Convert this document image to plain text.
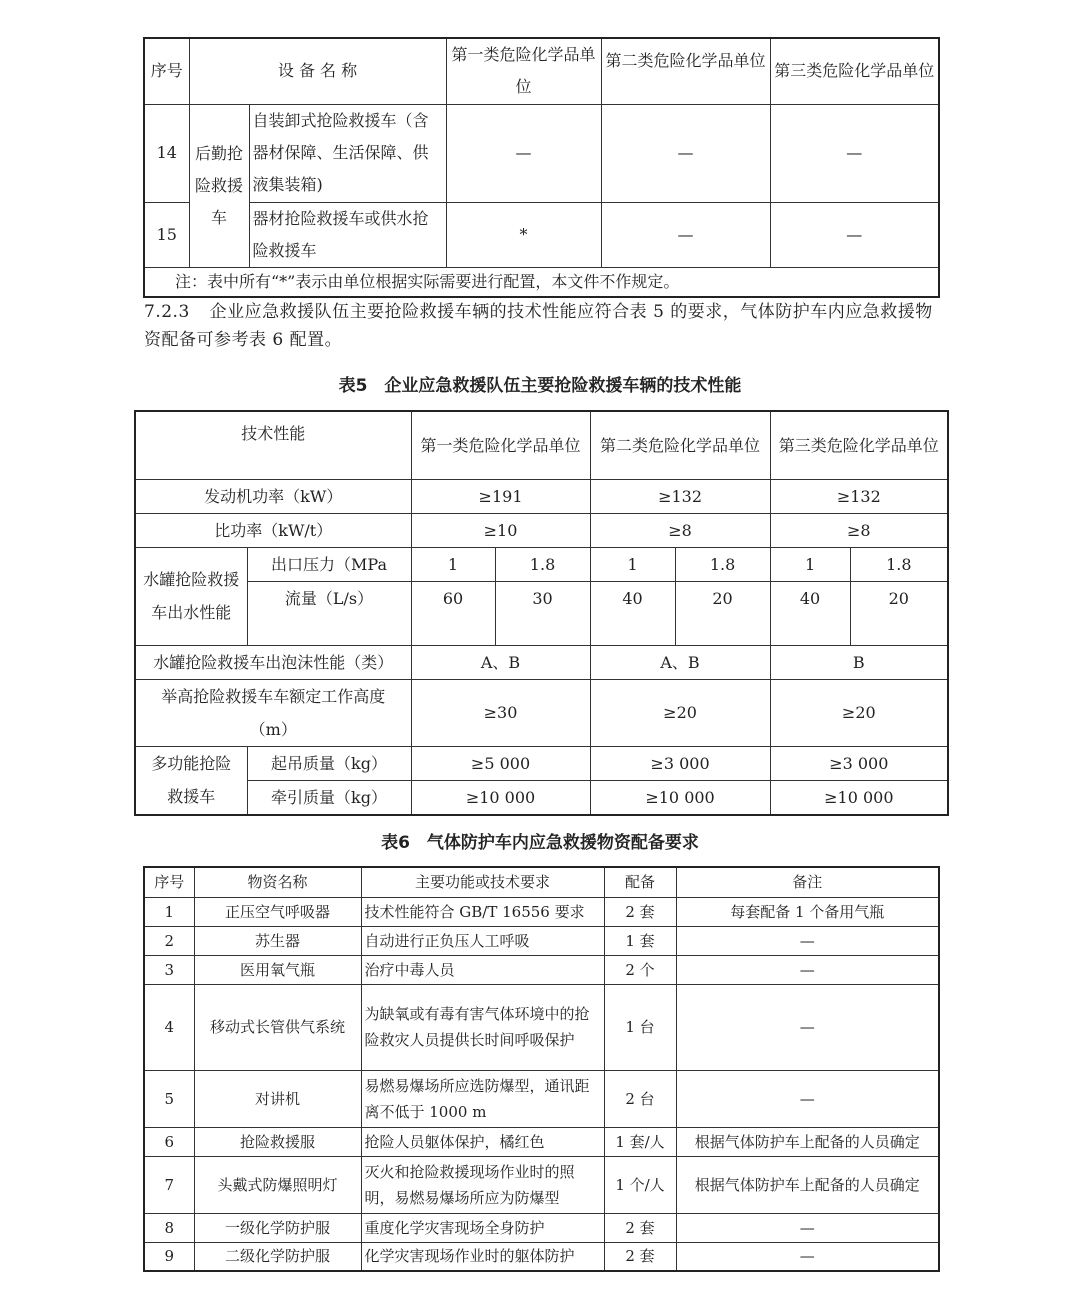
序号	设 备 名 称		第一类危险化学品单位	第二类危险化学品单位	第三类危险化学品单位
14	后勤抢险救援车	自装卸式抢险救援车（含器材保障、生活保障、供液集装箱)	—	—	—
15		器材抢险救援车或供水抢险救援车	*	—	—
注：表中所有“*”表示由单位根据实际需要进行配置，本文件不作规定。					
7.2.3 企业应急救援队伍主要抢险救援车辆的技术性能应符合表 5 的要求，气体防护车内应急救援物资配备可参考表 6 配置。
表5　企业应急救援队伍主要抢险救援车辆的技术性能
技术性能		第一类危险化学品单位		第二类危险化学品单位		第三类危险化学品单位	
发动机功率（kW）		≥191		≥132		≥132	
比功率（kW/t）		≥10		≥8		≥8	
水罐抢险救援车出水性能	出口压力（MPa	1	1.8	1	1.8	1	1.8
	流量（L/s）	60	30	40	20	40	20
水罐抢险救援车出泡沫性能（类）		A、B		A、B		B	
举高抢险救援车车额定工作高度（m）		≥30		≥20		≥20	
多功能抢险救援车	起吊质量（kg）	≥5 000		≥3 000		≥3 000	
	牵引质量（kg）	≥10 000		≥10 000		≥10 000	
表6　气体防护车内应急救援物资配备要求
序号	物资名称	主要功能或技术要求	配备	备注
1	正压空气呼吸器	技术性能符合 GB/T 16556 要求	2 套	每套配备 1 个备用气瓶
2	苏生器	自动进行正负压人工呼吸	1 套	—
3	医用氧气瓶	治疗中毒人员	2 个	—
4	移动式长管供气系统	为缺氧或有毒有害气体环境中的抢险救灾人员提供长时间呼吸保护	1 台	—
5	对讲机	易燃易爆场所应选防爆型，通讯距离不低于 1000 m	2 台	—
6	抢险救援服	抢险人员躯体保护，橘红色	1 套/人	根据气体防护车上配备的人员确定
7	头戴式防爆照明灯	灭火和抢险救援现场作业时的照明，易燃易爆场所应为防爆型	1 个/人	根据气体防护车上配备的人员确定
8	一级化学防护服	重度化学灾害现场全身防护	2 套	—
9	二级化学防护服	化学灾害现场作业时的躯体防护	2 套	—
